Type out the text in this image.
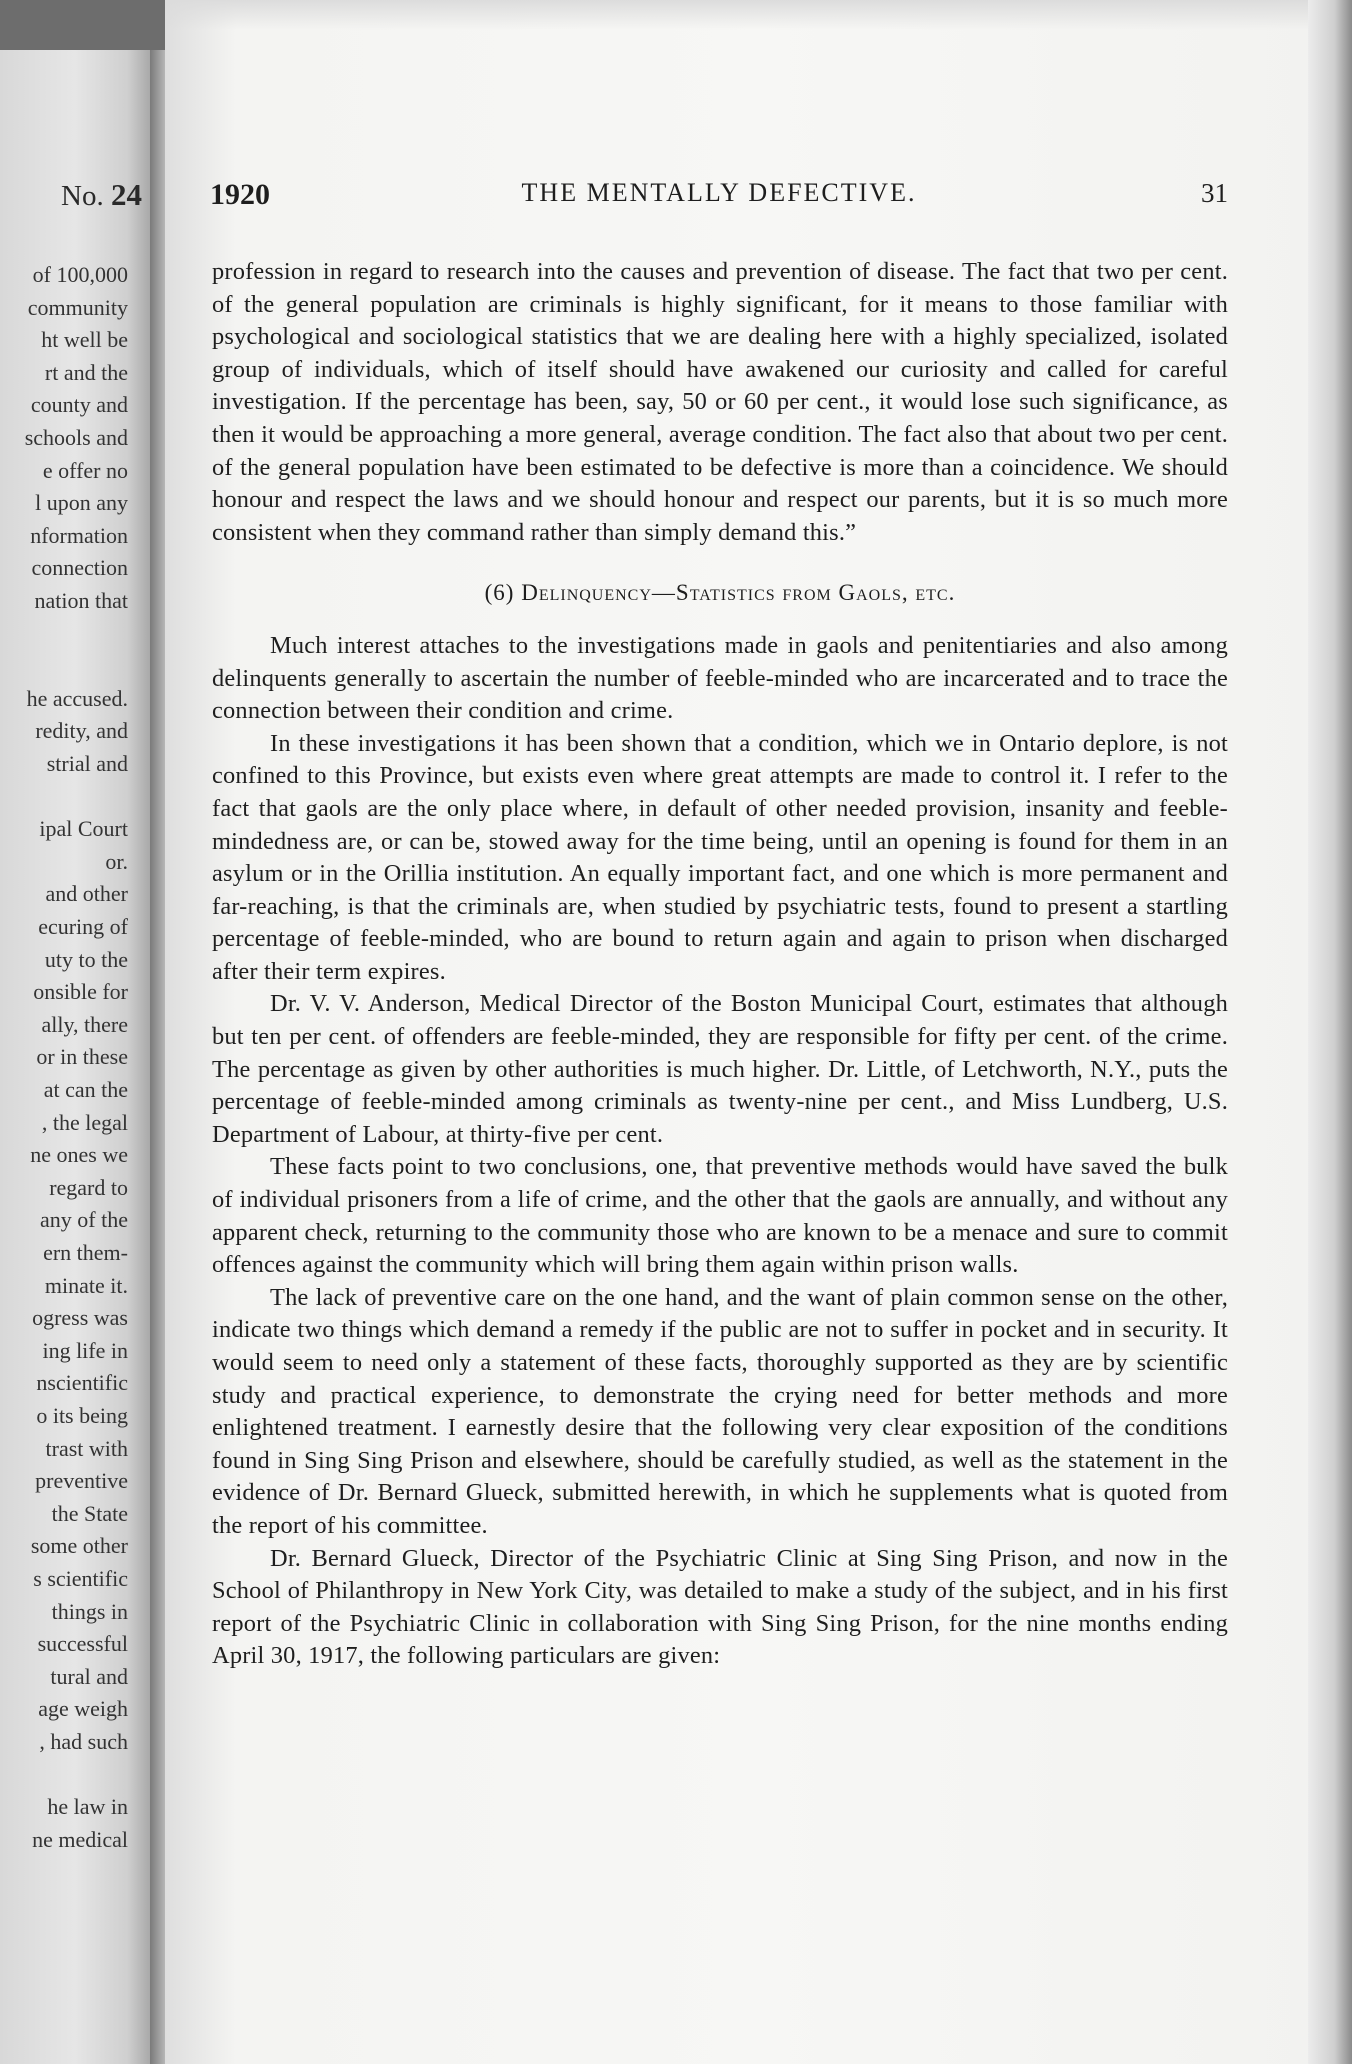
No. 24
of 100,000
community
ht well be
rt and the
county and
schools and
e offer no
l upon any
nformation
connection
nation that
he accused.
redity, and
strial and
ipal Court
or.
and other
ecuring of
uty to the
onsible for
ally, there
or in these
at can the
, the legal
ne ones we
regard to
any of the
ern them-
minate it.
ogress was
ing life in
nscientific
o its being
trast with
preventive
the State
some other
s scientific
things in
successful
tural and
age weigh
, had such
he law in
ne medical
1920	THE MENTALLY DEFECTIVE.	31

profession in regard to research into the causes and prevention of disease. The fact that two per cent. of the general population are criminals is highly significant, for it means to those familiar with psychological and sociological statistics that we are dealing here with a highly specialized, isolated group of individuals, which of itself should have awakened our curiosity and called for careful investigation. If the percentage has been, say, 50 or 60 per cent., it would lose such significance, as then it would be approaching a more general, average condition. The fact also that about two per cent. of the general population have been estimated to be defective is more than a coincidence. We should honour and respect the laws and we should honour and respect our parents, but it is so much more consistent when they command rather than simply demand this.”

(6) Delinquency—Statistics from Gaols, etc.

Much interest attaches to the investigations made in gaols and penitentiaries and also among delinquents generally to ascertain the number of feeble-minded who are incarcerated and to trace the connection between their condition and crime.

In these investigations it has been shown that a condition, which we in Ontario deplore, is not confined to this Province, but exists even where great attempts are made to control it. I refer to the fact that gaols are the only place where, in default of other needed provision, insanity and feeble-mindedness are, or can be, stowed away for the time being, until an opening is found for them in an asylum or in the Orillia institution. An equally important fact, and one which is more permanent and far-reaching, is that the criminals are, when studied by psychiatric tests, found to present a startling percentage of feeble-minded, who are bound to return again and again to prison when discharged after their term expires.

Dr. V. V. Anderson, Medical Director of the Boston Municipal Court, estimates that although but ten per cent. of offenders are feeble-minded, they are responsible for fifty per cent. of the crime. The percentage as given by other authorities is much higher. Dr. Little, of Letchworth, N.Y., puts the percentage of feeble-minded among criminals as twenty-nine per cent., and Miss Lundberg, U.S. Department of Labour, at thirty-five per cent.

These facts point to two conclusions, one, that preventive methods would have saved the bulk of individual prisoners from a life of crime, and the other that the gaols are annually, and without any apparent check, returning to the community those who are known to be a menace and sure to commit offences against the community which will bring them again within prison walls.

The lack of preventive care on the one hand, and the want of plain common sense on the other, indicate two things which demand a remedy if the public are not to suffer in pocket and in security. It would seem to need only a statement of these facts, thoroughly supported as they are by scientific study and practical experience, to demonstrate the crying need for better methods and more enlightened treatment. I earnestly desire that the following very clear exposition of the conditions found in Sing Sing Prison and elsewhere, should be carefully studied, as well as the statement in the evidence of Dr. Bernard Glueck, submitted herewith, in which he supplements what is quoted from the report of his committee.

Dr. Bernard Glueck, Director of the Psychiatric Clinic at Sing Sing Prison, and now in the School of Philanthropy in New York City, was detailed to make a study of the subject, and in his first report of the Psychiatric Clinic in collaboration with Sing Sing Prison, for the nine months ending April 30, 1917, the following particulars are given:
